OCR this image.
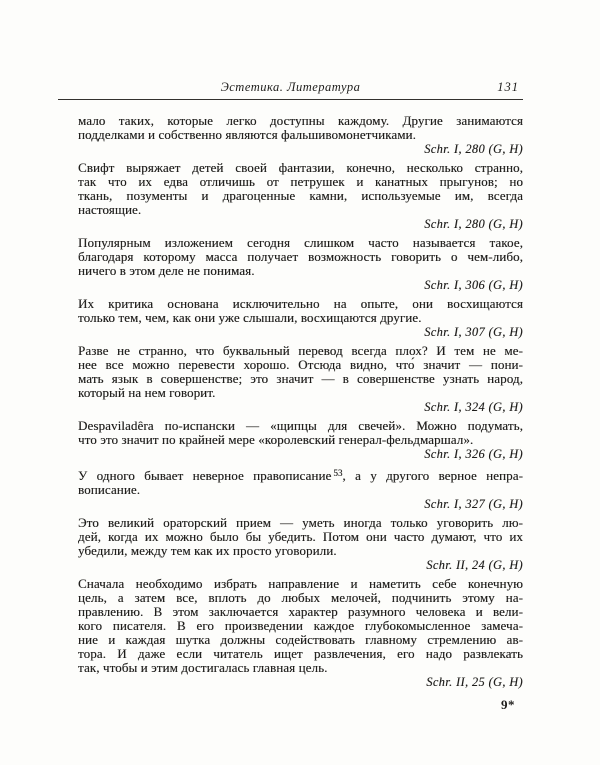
Эстетика. Литература	131

мало таких, которые легко доступны каждому. Другие занимаются
подделками и собственно являются фальшивомонетчиками.

Schr. I, 280 (G, H)

Свифт выряжает детей своей фантазии, конечно, несколько странно,
так что их едва отличишь от петрушек и канатных прыгунов; но
ткань, позументы и драгоценные камни, используемые им, всегда
настоящие.

Schr. I, 280 (G, H)

Популярным изложением сегодня слишком часто называется такое,
благодаря которому масса получает возможность говорить о чем-либо,
ничего в этом деле не понимая.

Schr. I, 306 (G, H)

Их критика основана исключительно на опыте, они восхищаются
только тем, чем, как они уже слышали, восхищаются другие.

Schr. I, 307 (G, H)

Разве не странно, что буквальный перевод всегда плох? И тем не ме-
нее все можно перевести хорошо. Отсюда видно, что́ значит — пони-
мать язык в совершенстве; это значит — в совершенстве узнать народ,
который на нем говорит.

Schr. I, 324 (G, H)

Despaviladêra по-испански — «щипцы для свечей». Можно подумать,
что это значит по крайней мере «королевский генерал-фельдмаршал».

Schr. I, 326 (G, H)

У одного бывает неверное правописание $^{53}$, а у другого верное непра-
вописание.

Schr. I, 327 (G, H)

Это великий ораторский прием — уметь иногда только уговорить лю-
дей, когда их можно было бы убедить. Потом они часто думают, что их
убедили, между тем как их просто уговорили.

Schr. II, 24 (G, H)

Сначала необходимо избрать направление и наметить себе конечную
цель, а затем все, вплоть до любых мелочей, подчинить этому на-
правлению. В этом заключается характер разумного человека и вели-
кого писателя. В его произведении каждое глубокомысленное замеча-
ние и каждая шутка должны содействовать главному стремлению ав-
тора. И даже если читатель ищет развлечения, его надо развлекать
так, чтобы и этим достигалась главная цель.

Schr. II, 25 (G, H)
9*
